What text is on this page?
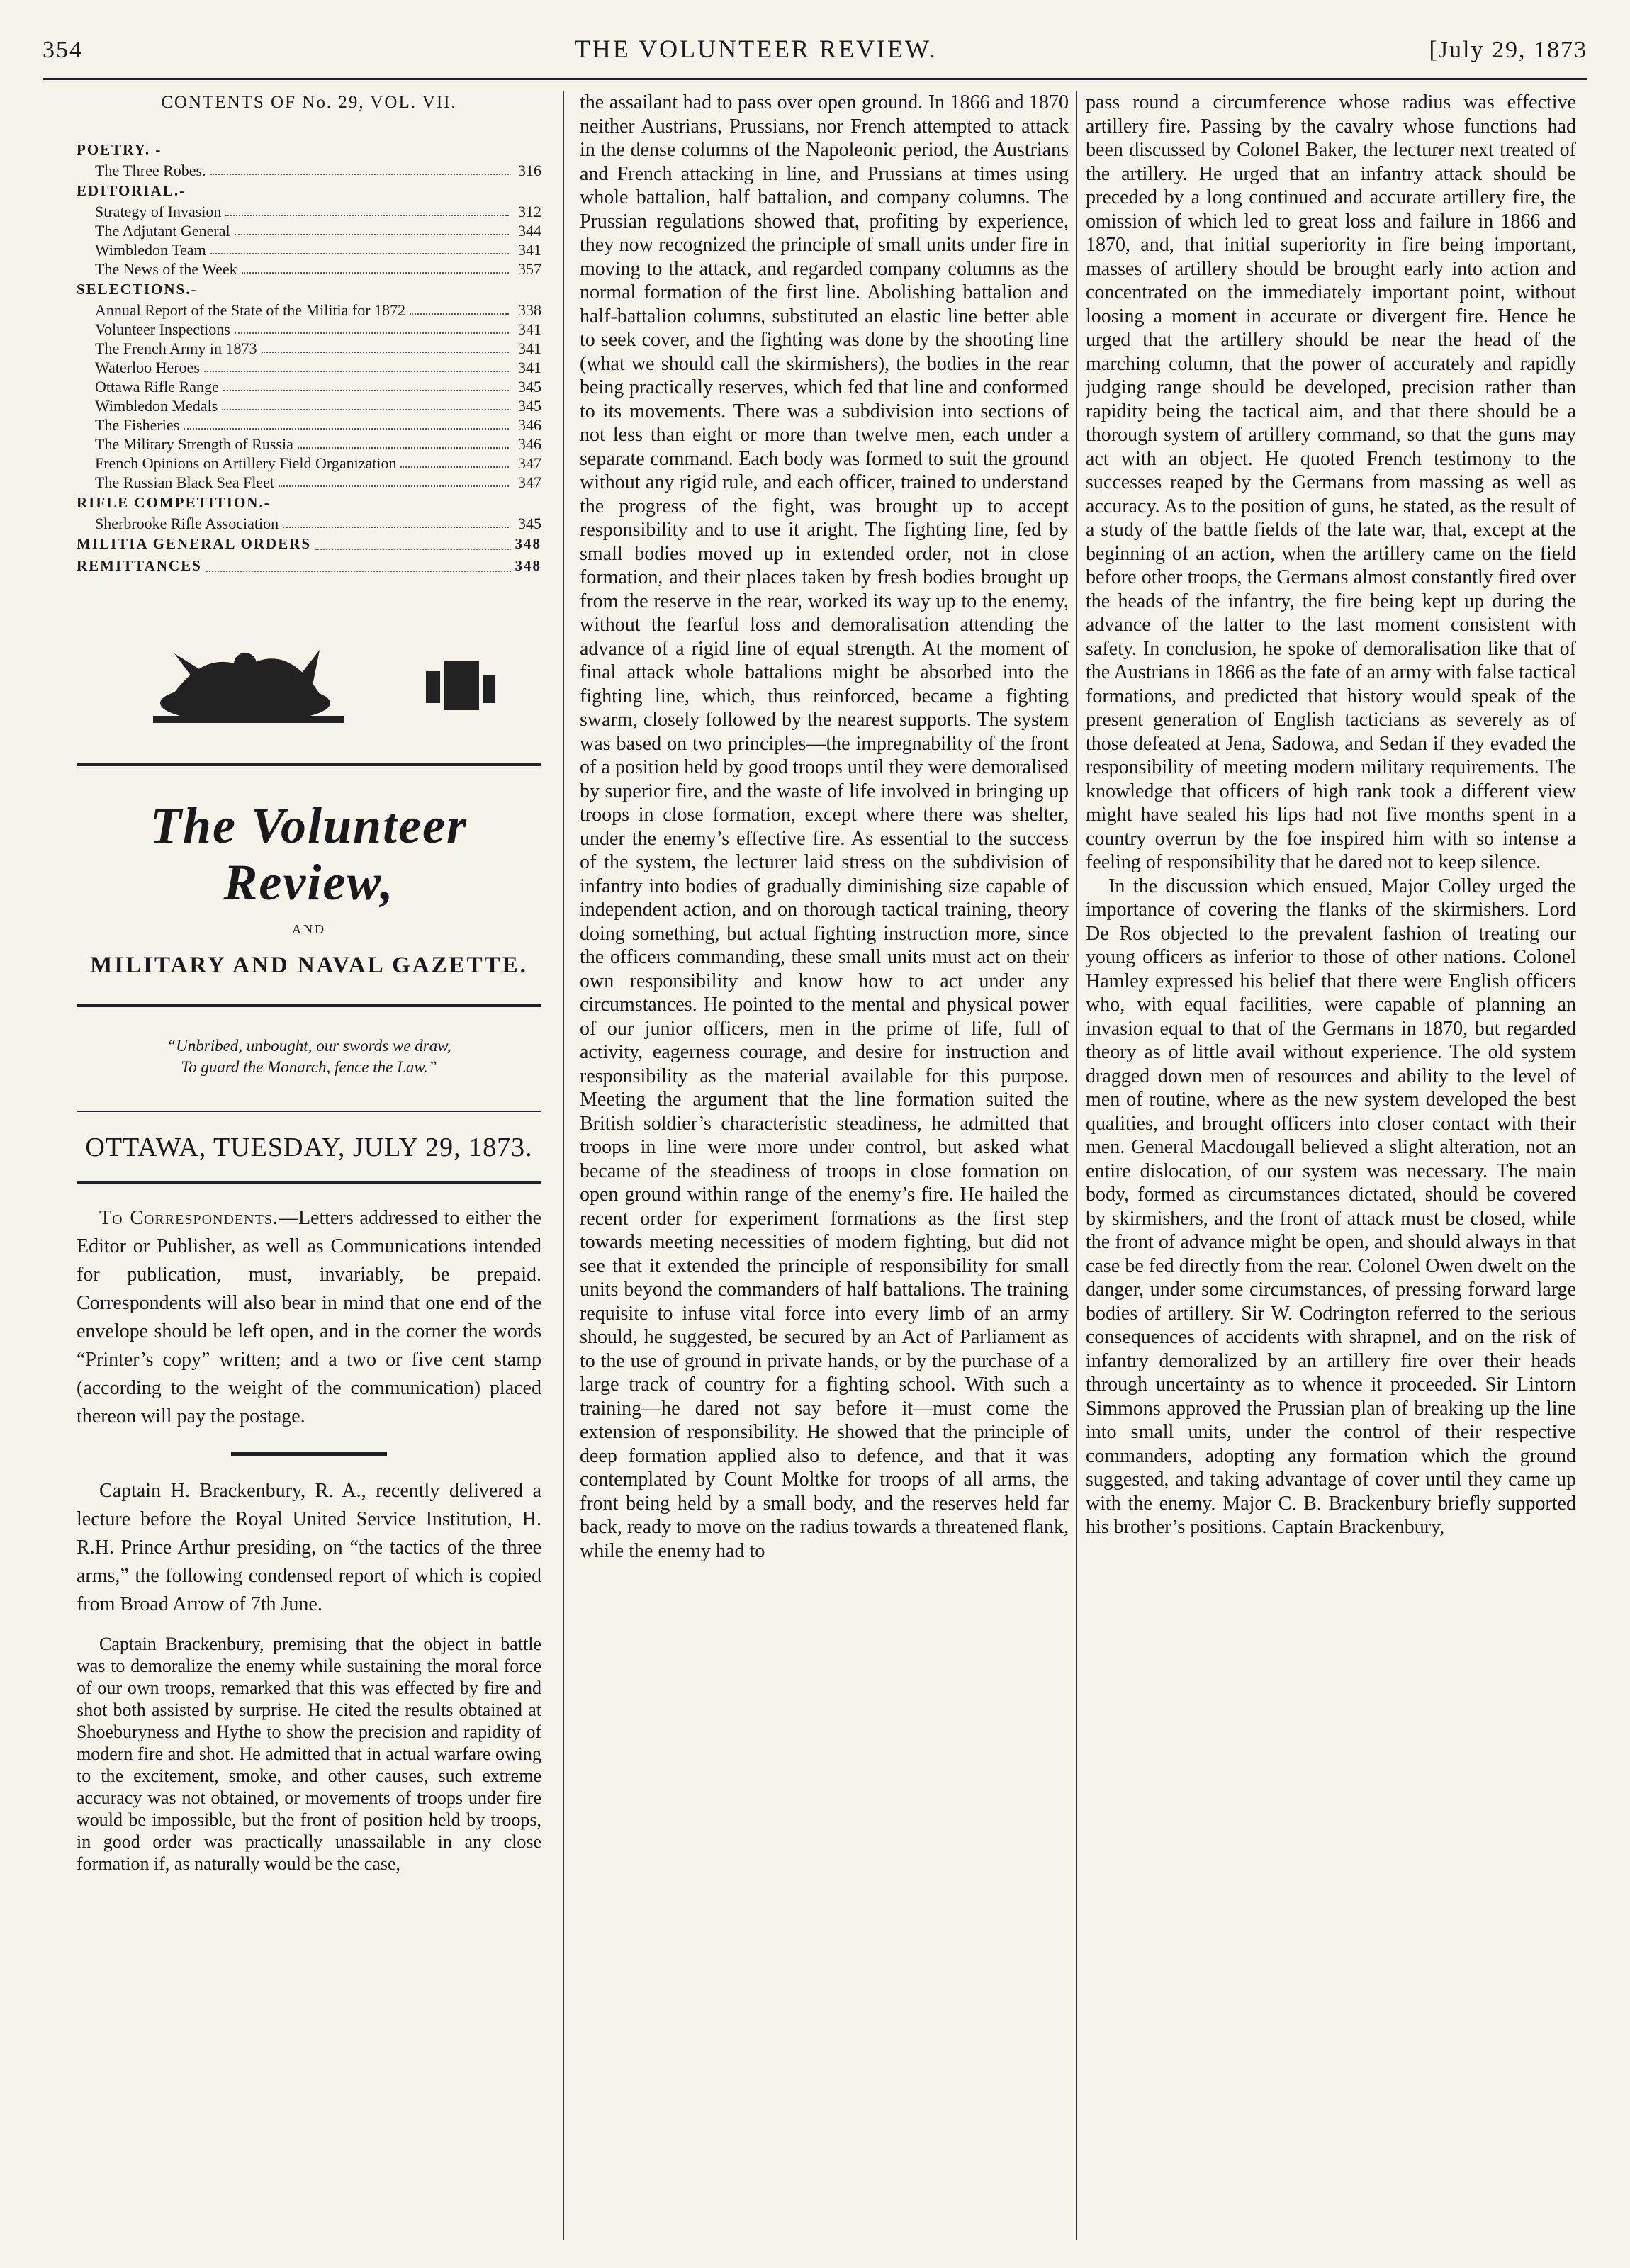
354	THE VOLUNTEER REVIEW.	[July 29, 1873
CONTENTS OF No. 29, VOL. VII.
POETRY. -
The Three Robes.	316
EDITORIAL.-
Strategy of Invasion	312
The Adjutant General	344
Wimbledon Team	341
The News of the Week	357
SELECTIONS.-
Annual Report of the State of the Militia for 1872	338
Volunteer Inspections	341
The French Army in 1873	341
Waterloo Heroes	341
Ottawa Rifle Range	345
Wimbledon Medals	345
The Fisheries	346
The Military Strength of Russia	346
French Opinions on Artillery Field Organization	347
The Russian Black Sea Fleet	347
RIFLE COMPETITION.-
Sherbrooke Rifle Association	345
MILITIA GENERAL ORDERS	348
REMITTANCES	348
The Volunteer Review,
AND
MILITARY AND NAVAL GAZETTE.
“Unbribed, unbought, our swords we draw,
To guard the Monarch, fence the Law.”
OTTAWA, TUESDAY, JULY 29, 1873.

To Correspondents.—Letters addressed to either the Editor or Publisher, as well as Communications intended for publication, must, invariably, be prepaid. Correspondents will also bear in mind that one end of the envelope should be left open, and in the corner the words “Printer’s copy” written; and a two or five cent stamp (according to the weight of the communication) placed thereon will pay the postage.

Captain H. Brackenbury, R. A., recently delivered a lecture before the Royal United Service Institution, H. R.H. Prince Arthur presiding, on “the tactics of the three arms,” the following condensed report of which is copied from Broad Arrow of 7th June.

Captain Brackenbury, premising that the object in battle was to demoralize the enemy while sustaining the moral force of our own troops, remarked that this was effected by fire and shot both assisted by surprise. He cited the results obtained at Shoeburyness and Hythe to show the precision and rapidity of modern fire and shot. He admitted that in actual warfare owing to the excitement, smoke, and other causes, such extreme accuracy was not obtained, or movements of troops under fire would be impossible, but the front of position held by troops, in good order was practically unassailable in any close formation if, as naturally would be the case,

the assailant had to pass over open ground. In 1866 and 1870 neither Austrians, Prussians, nor French attempted to attack in the dense columns of the Napoleonic period, the Austrians and French attacking in line, and Prussians at times using whole battalion, half battalion, and company columns. The Prussian regulations showed that, profiting by experience, they now recognized the principle of small units under fire in moving to the attack, and regarded company columns as the normal formation of the first line. Abolishing battalion and half-battalion columns, substituted an elastic line better able to seek cover, and the fighting was done by the shooting line (what we should call the skirmishers), the bodies in the rear being practically reserves, which fed that line and conformed to its movements. There was a subdivision into sections of not less than eight or more than twelve men, each under a separate command. Each body was formed to suit the ground without any rigid rule, and each officer, trained to understand the progress of the fight, was brought up to accept responsibility and to use it aright. The fighting line, fed by small bodies moved up in extended order, not in close formation, and their places taken by fresh bodies brought up from the reserve in the rear, worked its way up to the enemy, without the fearful loss and demoralisation attending the advance of a rigid line of equal strength. At the moment of final attack whole battalions might be absorbed into the fighting line, which, thus reinforced, became a fighting swarm, closely followed by the nearest supports. The system was based on two principles—the impregnability of the front of a position held by good troops until they were demoralised by superior fire, and the waste of life involved in bringing up troops in close formation, except where there was shelter, under the enemy’s effective fire. As essential to the success of the system, the lecturer laid stress on the subdivision of infantry into bodies of gradually diminishing size capable of independent action, and on thorough tactical training, theory doing something, but actual fighting instruction more, since the officers commanding, these small units must act on their own responsibility and know how to act under any circumstances. He pointed to the mental and physical power of our junior officers, men in the prime of life, full of activity, eagerness courage, and desire for instruction and responsibility as the material available for this purpose. Meeting the argument that the line formation suited the British soldier’s characteristic steadiness, he admitted that troops in line were more under control, but asked what became of the steadiness of troops in close formation on open ground within range of the enemy’s fire. He hailed the recent order for experiment formations as the first step towards meeting necessities of modern fighting, but did not see that it extended the principle of responsibility for small units beyond the commanders of half battalions. The training requisite to infuse vital force into every limb of an army should, he suggested, be secured by an Act of Parliament as to the use of ground in private hands, or by the purchase of a large track of country for a fighting school. With such a training—he dared not say before it—must come the extension of responsibility. He showed that the principle of deep formation applied also to defence, and that it was contemplated by Count Moltke for troops of all arms, the front being held by a small body, and the reserves held far back, ready to move on the radius towards a threatened flank, while the enemy had to

pass round a circumference whose radius was effective artillery fire. Passing by the cavalry whose functions had been discussed by Colonel Baker, the lecturer next treated of the artillery. He urged that an infantry attack should be preceded by a long continued and accurate artillery fire, the omission of which led to great loss and failure in 1866 and 1870, and, that initial superiority in fire being important, masses of artillery should be brought early into action and concentrated on the immediately important point, without loosing a moment in accurate or divergent fire. Hence he urged that the artillery should be near the head of the marching column, that the power of accurately and rapidly judging range should be developed, precision rather than rapidity being the tactical aim, and that there should be a thorough system of artillery command, so that the guns may act with an object. He quoted French testimony to the successes reaped by the Germans from massing as well as accuracy. As to the position of guns, he stated, as the result of a study of the battle fields of the late war, that, except at the beginning of an action, when the artillery came on the field before other troops, the Germans almost constantly fired over the heads of the infantry, the fire being kept up during the advance of the latter to the last moment consistent with safety. In conclusion, he spoke of demoralisation like that of the Austrians in 1866 as the fate of an army with false tactical formations, and predicted that history would speak of the present generation of English tacticians as severely as of those defeated at Jena, Sadowa, and Sedan if they evaded the responsibility of meeting modern military requirements. The knowledge that officers of high rank took a different view might have sealed his lips had not five months spent in a country overrun by the foe inspired him with so intense a feeling of responsibility that he dared not to keep silence.

In the discussion which ensued, Major Colley urged the importance of covering the flanks of the skirmishers. Lord De Ros objected to the prevalent fashion of treating our young officers as inferior to those of other nations. Colonel Hamley expressed his belief that there were English officers who, with equal facilities, were capable of planning an invasion equal to that of the Germans in 1870, but regarded theory as of little avail without experience. The old system dragged down men of resources and ability to the level of men of routine, where as the new system developed the best qualities, and brought officers into closer contact with their men. General Macdougall believed a slight alteration, not an entire dislocation, of our system was necessary. The main body, formed as circumstances dictated, should be covered by skirmishers, and the front of attack must be closed, while the front of advance might be open, and should always in that case be fed directly from the rear. Colonel Owen dwelt on the danger, under some circumstances, of pressing forward large bodies of artillery. Sir W. Codrington referred to the serious consequences of accidents with shrapnel, and on the risk of infantry demoralized by an artillery fire over their heads through uncertainty as to whence it proceeded. Sir Lintorn Simmons approved the Prussian plan of breaking up the line into small units, under the control of their respective commanders, adopting any formation which the ground suggested, and taking advantage of cover until they came up with the enemy. Major C. B. Brackenbury briefly supported his brother’s positions. Captain Brackenbury,
